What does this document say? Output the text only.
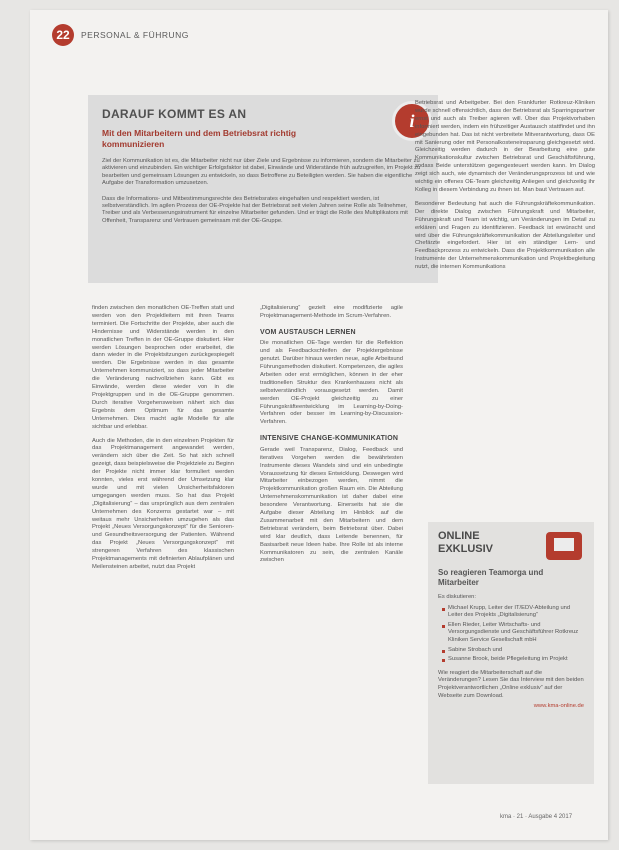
22	PERSONAL & FÜHRUNG
i
DARAUF KOMMT ES AN
Mit den Mitarbeitern und dem Betriebsrat richtig kommunizieren
Ziel der Kommunikation ist es, die Mitarbeiter nicht nur über Ziele und Ergebnisse zu informieren, sondern die Mitarbeiter zu aktivieren und einzubinden. Ein wichtiger Erfolgsfaktor ist dabei, Einwände und Widerstände früh aufzugreifen, im Projekt zu bearbeiten und gemeinsam Lösungen zu entwickeln, so dass Betroffene zu Beteiligten werden. Sie haben die eigentliche Aufgabe der Transformation umzusetzen.
Dass die Informations- und Mitbestimmungsrechte des Betriebsrates eingehalten und respektiert werden, ist selbstverständlich. Im agilen Prozess der OE-Projekte hat der Betriebsrat seit vielen Jahren seine Rolle als Teilnehmer, Treiber und als Verbesserungsinstrument für einzelne Mitarbeiter gefunden. Und er trägt die Rolle des Multiplikators mit Offenheit, Transparenz und Vertrauen gemeinsam mit der OE-Gruppe.

finden zwischen den monatlichen OE-Treffen statt und werden von den Projektleitern mit ihren Teams terminiert. Die Fortschritte der Projekte, aber auch die Hindernisse und Widerstände werden in den monatlichen Treffen in der OE-Gruppe diskutiert. Hier werden Lösungen besprochen oder erarbeitet, die dann wieder in die Projektsitzungen zurückgespiegelt werden. Die Ergebnisse werden in das gesamte Unternehmen kommuniziert, so dass jeder Mitarbeiter die Veränderung nachvollziehen kann. Gibt es Einwände, werden diese wieder von in die Projektgruppen und in die OE-Gruppe genommen. Durch iterative Vorgehensweisen nähert sich das Ergebnis dem Optimum für das gesamte Unternehmen. Dies macht agile Modelle für alle sichtbar und erlebbar.

Auch die Methoden, die in den einzelnen Projekten für das Projektmanagement angewandet werden, verändern sich über die Zeit. So hat sich schnell gezeigt, dass beispielsweise die Projektziele zu Beginn der Projekte nicht immer klar formuliert werden konnten, vieles erst während der Umsetzung klar wurde und mit vielen Unsicherheitsfaktoren umgegangen werden muss. So hat das Projekt „Digitalisierung“ – das ursprünglich aus dem zentralen Unternehmen des Konzerns gestartet war – mit weitaus mehr Unsicherheiten umzugehen als das Projekt „Neues Versorgungskonzept“ für die Senioren- und Gesundheitsversorgung der Patienten. Während das Projekt „Neues Versorgungskonzept“ mit strengeren Verfahren des klassischen Projektmanagements mit definierten Ablaufplänen und Meilensteinen arbeitet, nutzt das Projekt

„Digitalisierung“ gezielt eine modifizierte agile Projektmanagement-Methode im Scrum-Verfahren.

VOM AUSTAUSCH LERNEN

Die monatlichen OE-Tage werden für die Reflektion und als Feedbackschleifen der Projektergebnisse genutzt. Darüber hinaus werden neue, agile Arbeitsund Führungsmethoden diskutiert. Kompetenzen, die agiles Arbeiten oder erst ermöglichen, können in der eher traditionellen Struktur des Krankenhauses nicht als selbstverständlich vorausgesetzt werden. Damit werden OE-Projekt gleichzeitig zu einer Führungskräfteentwicklung im Learning-by-Doing-Verfahren oder besser im Learning-by-Discussion-Verfahren.

INTENSIVE CHANGE-KOMMUNIKATION

Gerade weil Transparenz, Dialog, Feedback und iteratives Vorgehen werden die bewährtesten Instrumente dieses Wandels sind und ein unbedingte Voraussetzung für dieses Entwicklung. Deswegen wird Mitarbeiter einbezogen werden, nimmt die Projektkommunikation großen Raum ein. Die Abteilung Unternehmenskommunikation ist daher dabei eine besondere Verantwortung. Einerseits hat sie die Aufgabe dieser Abteilung im Hinblick auf die Zusammenarbeit mit den Mitarbeitern und dem Betriebsrat verändern, beim Betriebsrat über. Dabei wird klar deutlich, dass Leitende benennen, für Basisarbeit neue Ideen habe. Ihre Rolle ist als interne Kommunikatoren zu sein, die zentralen Kanäle zwischen

Betriebsrat und Arbeitgeber. Bei den Frankfurter Rotkreuz-Kliniken wurde schnell offensichtlich, dass der Betriebsrat als Sparringspartner ernst und auch als Treiber agieren will. Über das Projektvorhaben informiert werden, indem ein frühzeitiger Austausch stattfindet und ihn eingebunden hat. Das ist nicht verbreitete Mitverantwortung, dass OE mit Sanierung oder mit Personalkosteneinsparung gleichgesetzt wird. Gleichzeitig werden dadurch in der Bearbeitung eine gute Kommunikationskultur zwischen Betriebsrat und Geschäftsführung, sodass Beide unterstützen gegengesteuert werden kann. Im Dialog zeigt sich auch, wie dynamisch der Veränderungsprozess ist und wie wichtig ein offenes OE-Team gleichzeitig Anliegen und gleichzeitig ihr Kolleg in diesem Verbindung zu ihnen ist. Man baut Vertrauen auf.

Besonderer Bedeutung hat auch die Führungskräftekommunikation. Der direkte Dialog zwischen Führungskraft und Mitarbeiter, Führungskraft und Team ist wichtig, um Veränderungen im Detail zu erklären und Fragen zu identifizieren. Feedback ist erwünscht und wird über die Führungskräftekommunikation der Abteilungsleiter und Chefärzte eingefordert. Hier ist ein ständiger Lern- und Feedbackprozess zu entwickeln. Dass die Projektkommunikation alle Instrumente der Unternehmenskommunikation und Projektbegleitung nutzt, die internen Kommunikations

ONLINE EXKLUSIV
So reagieren Teamorga und Mitarbeiter
Es diskutieren:
Michael Krupp, Leiter der IT/EDV-Abteilung und Leiter des Projekts „Digitalisierung“
Ellen Rieder, Leiter Wirtschafts- und Versorgungsdienste und Geschäftsführer Rotkreuz Kliniken Service Gesellschaft mbH
Sabine Strobach und
Susanne Brook, beide Pflegeleitung im Projekt
Wie reagiert die Mitarbeiterschaft auf die Veränderungen? Lesen Sie das Interview mit den beiden Projektverantwortlichen „Online exklusiv“ auf der Webseite zum Download.
www.kma-online.de
kma · 21 · Ausgabe 4 2017
